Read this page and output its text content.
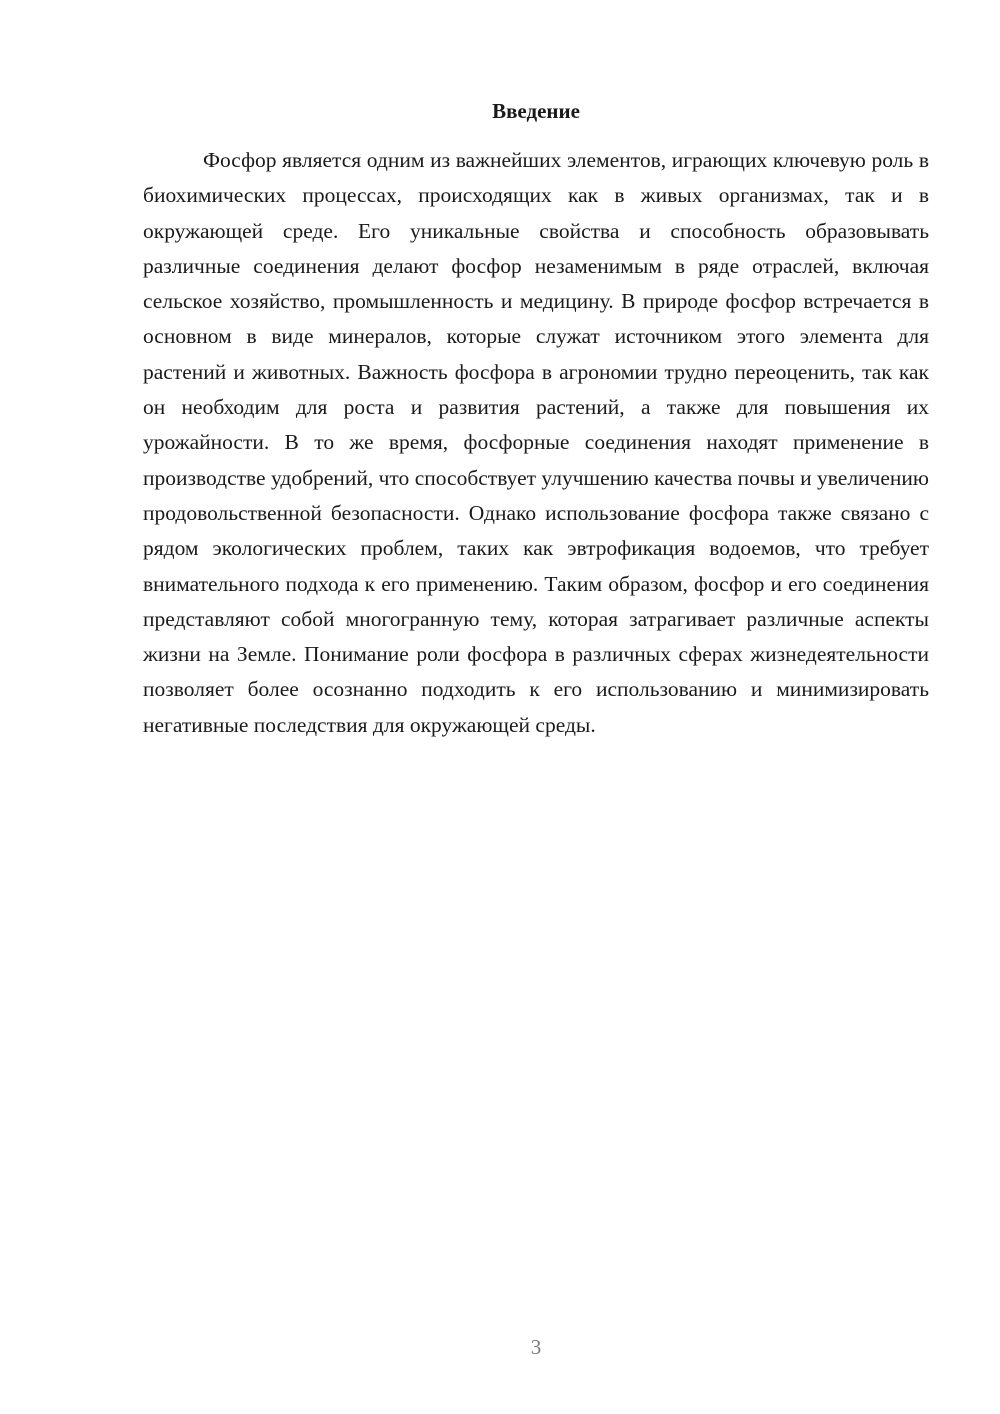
Введение

Фосфор является одним из важнейших элементов, играющих ключевую роль в биохимических процессах, происходящих как в живых организмах, так и в окружающей среде. Его уникальные свойства и способность образовывать различные соединения делают фосфор незаменимым в ряде отраслей, включая сельское хозяйство, промышленность и медицину. В природе фосфор встречается в основном в виде минералов, которые служат источником этого элемента для растений и животных. Важность фосфора в агрономии трудно переоценить, так как он необходим для роста и развития растений, а также для повышения их урожайности. В то же время, фосфорные соединения находят применение в производстве удобрений, что способствует улучшению качества почвы и увеличению продовольственной безопасности. Однако использование фосфора также связано с рядом экологических проблем, таких как эвтрофикация водоемов, что требует внимательного подхода к его применению. Таким образом, фосфор и его соединения представляют собой многогранную тему, которая затрагивает различные аспекты жизни на Земле. Понимание роли фосфора в различных сферах жизнедеятельности позволяет более осознанно подходить к его использованию и минимизировать негативные последствия для окружающей среды.

3
